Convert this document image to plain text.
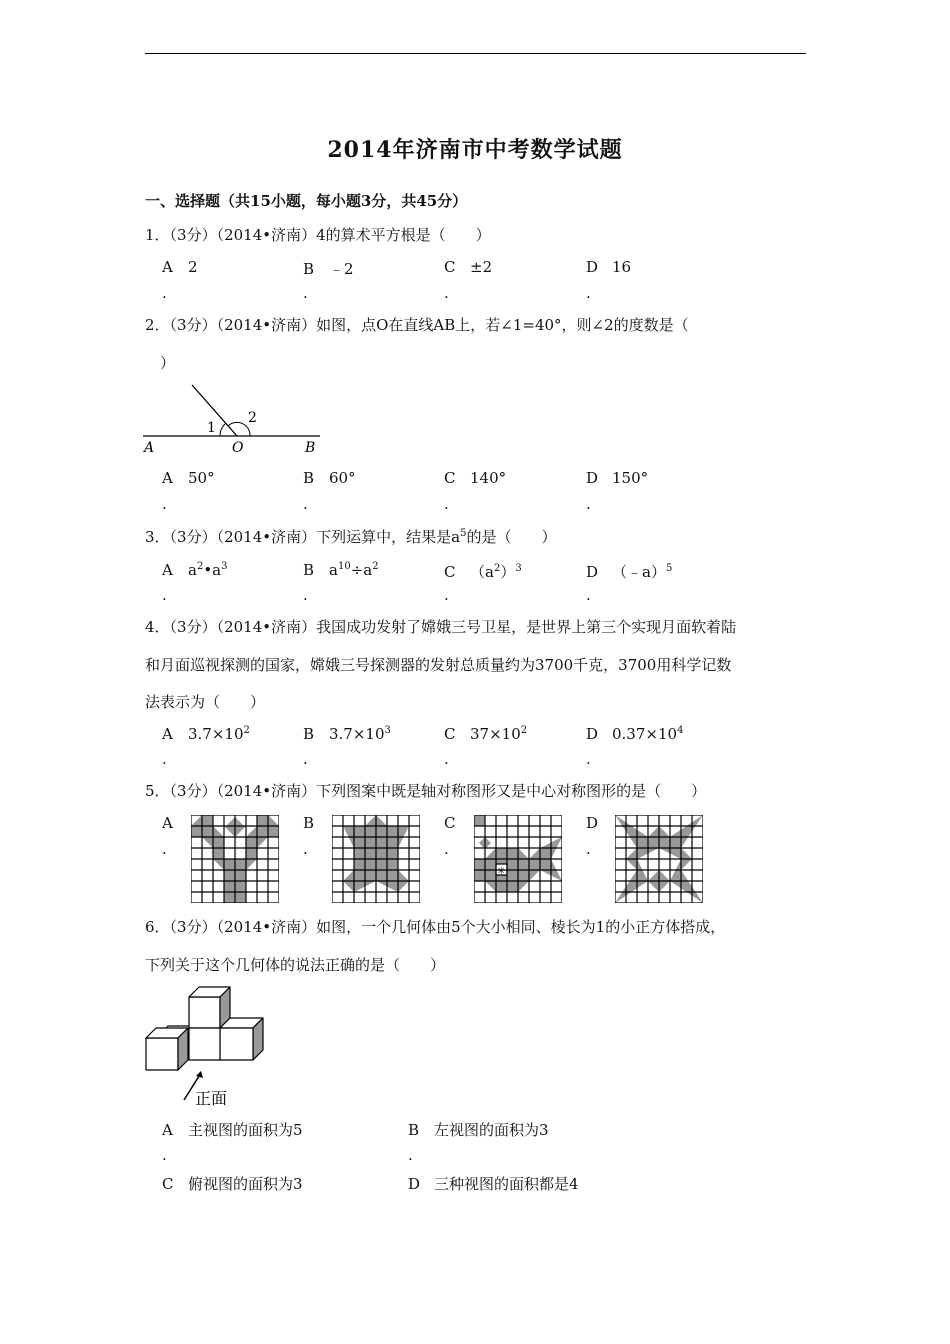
2014年济南市中考数学试题
一、选择题（共15小题，每小题3分，共45分）
1．（3分）（2014•济南）4的算术平方根是（　　）
A 2	B ﹣2	C ±2	D 16
.	.	.	.
2．（3分）（2014•济南）如图，点O在直线AB上，若∠1=40°，则∠2的度数是（
）
A	O	B
1
2
A 50°	B 60°	C 140°	D 150°
.	.	.	.
3．（3分）（2014•济南）下列运算中，结果是$a^5$的是（　　）
A $a^2•a^3$	B $a^{10}\div a^2$	C $(a^2)^3$	D （﹣a）$^5$
.	.	.	.
4．（3分）（2014•济南）我国成功发射了嫦娥三号卫星，是世界上第三个实现月面软着陆
和月面巡视探测的国家，嫦娥三号探测器的发射总质量约为3700千克，3700用科学记数
法表示为（　　）
A $3.7\times 10^2$	B $3.7\times 10^3$	C $37\times 10^2$	D $0.37\times 10^4$
.	.	.	.
5．（3分）（2014•济南）下列图案中既是轴对称图形又是中心对称图形的是（　　）
A	B	C	D
.	.	.	.
✳
6．（3分）（2014•济南）如图，一个几何体由5个大小相同、棱长为1的小正方体搭成，
下列关于这个几何体的说法正确的是（　　）
正面
A 主视图的面积为5	B 左视图的面积为3
.	.
C 俯视图的面积为3	D 三种视图的面积都是4
